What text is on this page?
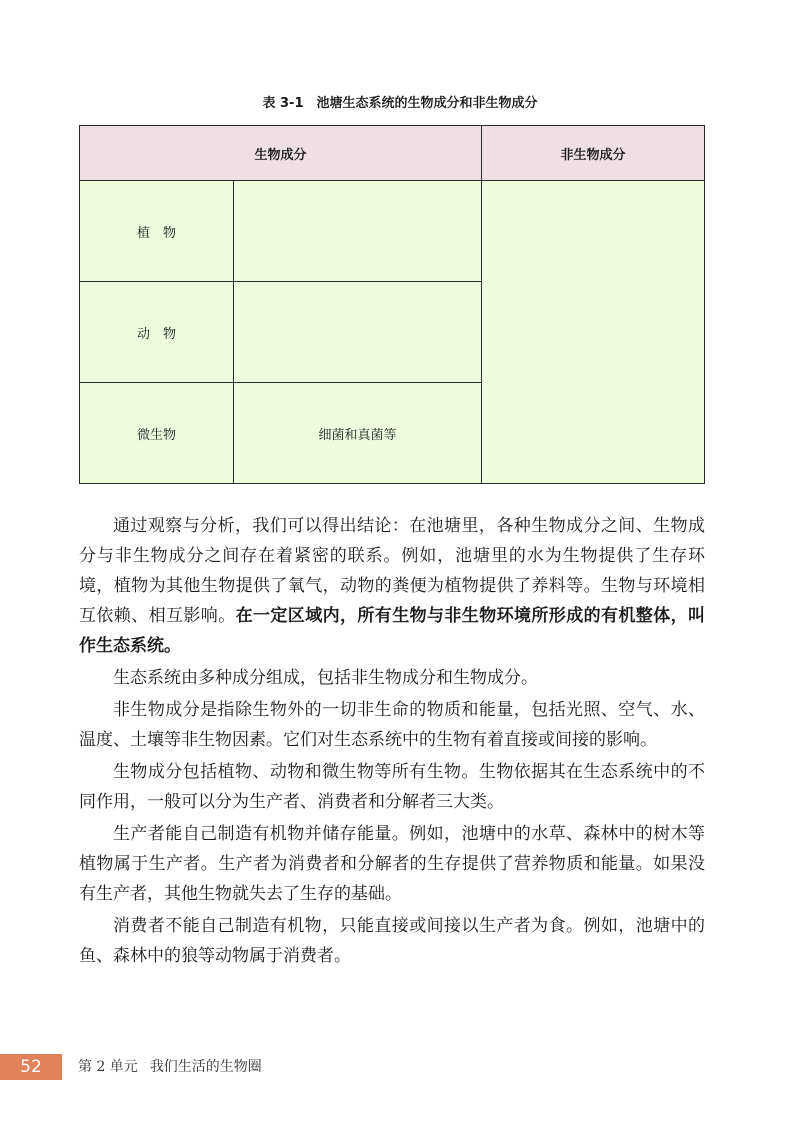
表 3-1　池塘生态系统的生物成分和非生物成分
生物成分		非生物成分
植　物		
动　物		
微生物	细菌和真菌等	

通过观察与分析，我们可以得出结论：在池塘里，各种生物成分之间、生物成分与非生物成分之间存在着紧密的联系。例如，池塘里的水为生物提供了生存环境，植物为其他生物提供了氧气，动物的粪便为植物提供了养料等。生物与环境相互依赖、相互影响。在一定区域内，所有生物与非生物环境所形成的有机整体，叫作生态系统。

生态系统由多种成分组成，包括非生物成分和生物成分。

非生物成分是指除生物外的一切非生命的物质和能量，包括光照、空气、水、温度、土壤等非生物因素。它们对生态系统中的生物有着直接或间接的影响。

生物成分包括植物、动物和微生物等所有生物。生物依据其在生态系统中的不同作用，一般可以分为生产者、消费者和分解者三大类。

生产者能自己制造有机物并储存能量。例如，池塘中的水草、森林中的树木等植物属于生产者。生产者为消费者和分解者的生存提供了营养物质和能量。如果没有生产者，其他生物就失去了生存的基础。

消费者不能自己制造有机物，只能直接或间接以生产者为食。例如，池塘中的鱼、森林中的狼等动物属于消费者。

52	第 2 单元 我们生活的生物圈
